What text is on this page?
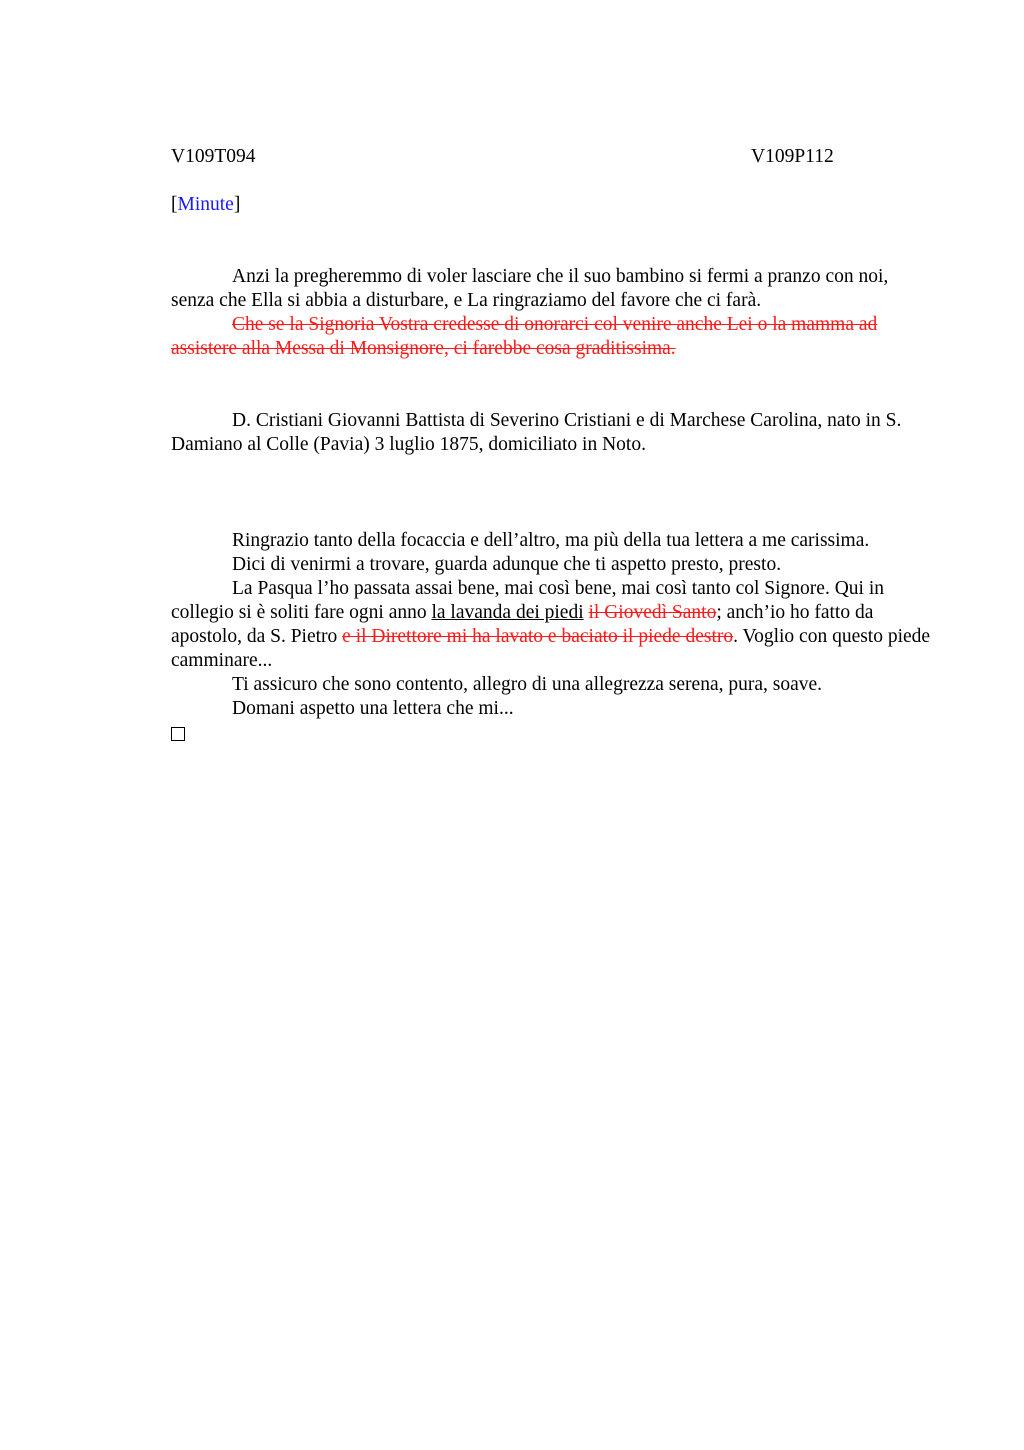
V109T094	V109P112
[Minute]

Anzi la pregheremmo di voler lasciare che il suo bambino si fermi a pranzo con noi, senza che Ella si abbia a disturbare, e La ringraziamo del favore che ci farà.

Che se la Signoria Vostra credesse di onorarci col venire anche Lei o la mamma ad assistere alla Messa di Monsignore, ci farebbe cosa graditissima.

D. Cristiani Giovanni Battista di Severino Cristiani e di Marchese Carolina, nato in S. Damiano al Colle (Pavia) 3 luglio 1875, domiciliato in Noto.

Ringrazio tanto della focaccia e dell’altro, ma più della tua lettera a me carissima.

Dici di venirmi a trovare, guarda adunque che ti aspetto presto, presto.

La Pasqua l’ho passata assai bene, mai così bene, mai così tanto col Signore. Qui in collegio si è soliti fare ogni anno la lavanda dei piedi il Giovedì Santo; anch’io ho fatto da apostolo, da S. Pietro e il Direttore mi ha lavato e baciato il piede destro. Voglio con questo piede camminare...

Ti assicuro che sono contento, allegro di una allegrezza serena, pura, soave.

Domani aspetto una lettera che mi...
